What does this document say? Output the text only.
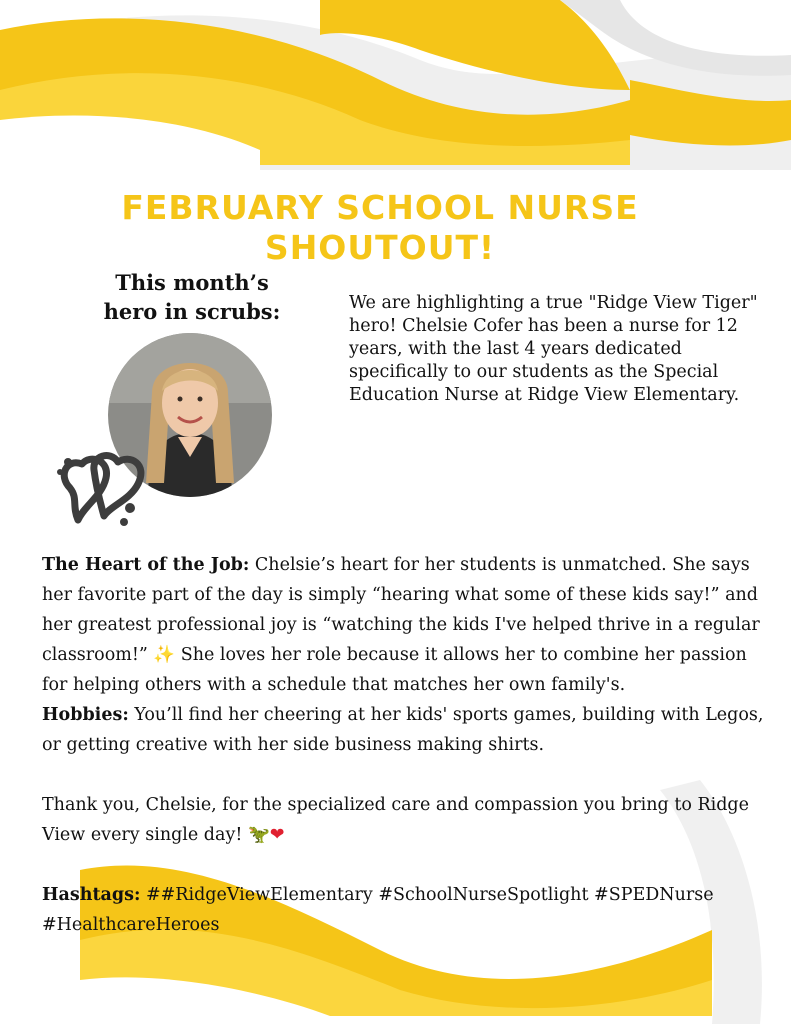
FEBRUARY SCHOOL NURSE
SHOUTOUT!
This month’s
hero in scrubs:	We are highlighting a true "Ridge View Tiger" hero! Chelsie Cofer has been a nurse for 12 years, with the last 4 years dedicated specifically to our students as the Special Education Nurse at Ridge View Elementary.

The Heart of the Job: Chelsie’s heart for her students is unmatched. She says her favorite part of the day is simply “hearing what some of these kids say!” and her greatest professional joy is “watching the kids I've helped thrive in a regular classroom!” ✨ She loves her role because it allows her to combine her passion for helping others with a schedule that matches her own family's.

Hobbies: You’ll find her cheering at her kids' sports games, building with Legos, or getting creative with her side business making shirts.

Thank you, Chelsie, for the specialized care and compassion you bring to Ridge View every single day! 🦖❤

Hashtags: ##RidgeViewElementary #SchoolNurseSpotlight #SPEDNurse #HealthcareHeroes
